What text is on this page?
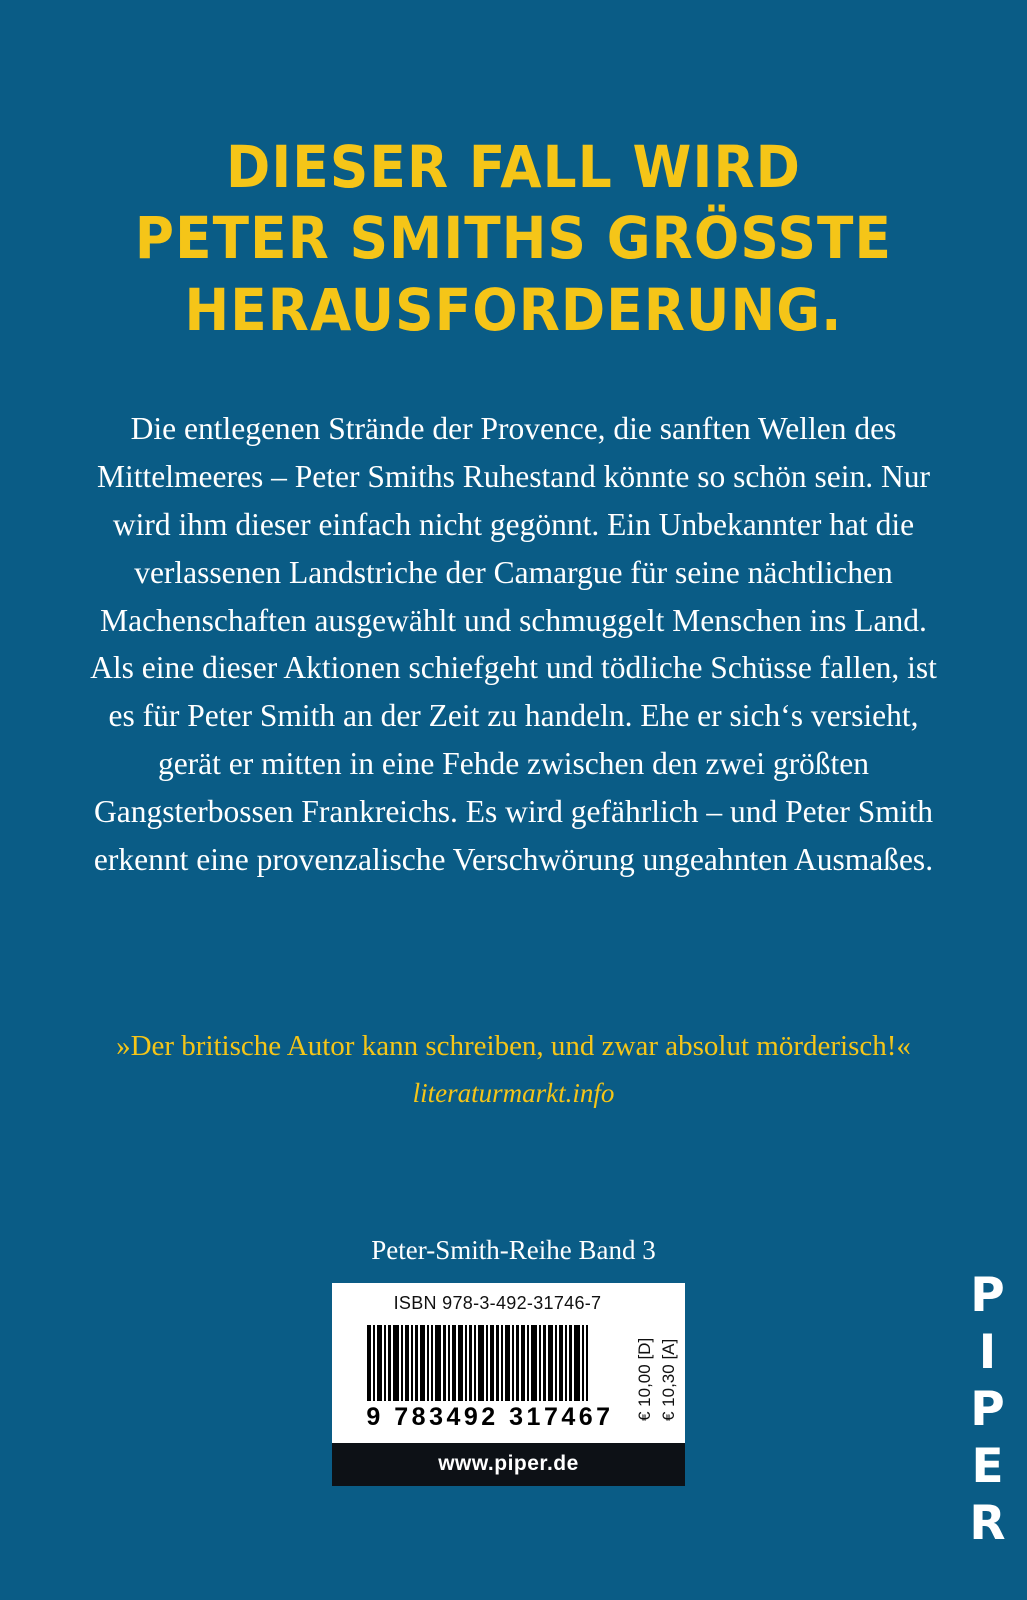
DIESER FALL WIRD
PETER SMITHS GRÖSSTE
HERAUSFORDERUNG.

Die entlegenen Strände der Provence, die sanften Wellen des Mittelmeeres – Peter Smiths Ruhestand könnte so schön sein. Nur wird ihm dieser einfach nicht gegönnt. Ein Unbekannter hat die verlassenen Landstriche der Camargue für seine nächtlichen Machenschaften ausgewählt und schmuggelt Menschen ins Land. Als eine dieser Aktionen schiefgeht und tödliche Schüsse fallen, ist es für Peter Smith an der Zeit zu handeln. Ehe er sich‘s versieht, gerät er mitten in eine Fehde zwischen den zwei größten Gangsterbossen Frankreichs. Es wird gefährlich – und Peter Smith erkennt eine provenzalische Verschwörung ungeahnten Ausmaßes.

»Der britische Autor kann schreiben, und zwar absolut mörderisch!«
literaturmarkt.info
Peter-Smith-Reihe Band 3
ISBN 978-3-492-31746-7
9 783492 317467	€ 10,00 [D] € 10,30 [A]
www.piper.de	PIPER
